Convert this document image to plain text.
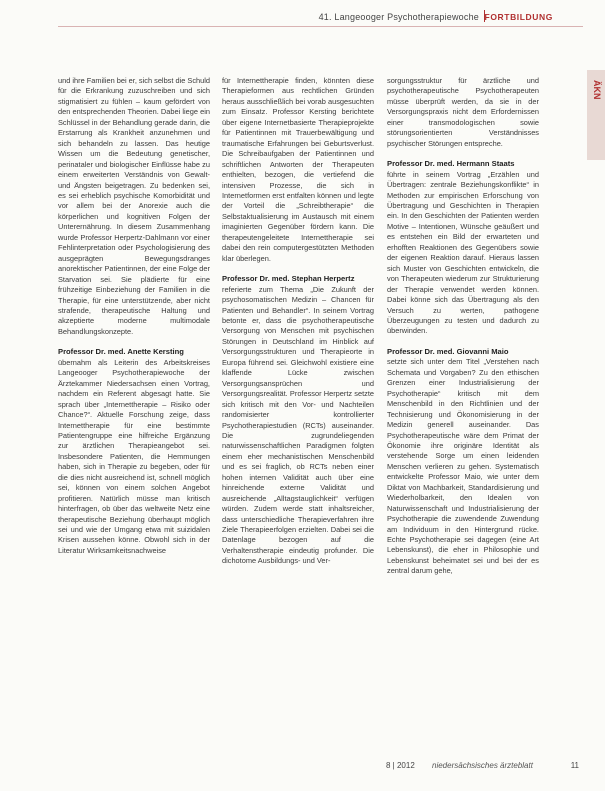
41. Langeooger Psychotherapiewoche FORTBILDUNG
ÄKN

und ihre Familien bei er, sich selbst die Schuld für die Erkrankung zuzuschreiben und sich stigmatisiert zu fühlen – kaum gefördert von den entsprechenden Theorien. Dabei liege ein Schlüssel in der Behandlung gerade darin, die Erstarrung als Krankheit anzunehmen und sich behandeln zu lassen. Das heutige Wissen um die Bedeutung genetischer, perinataler und biologischer Einflüsse habe zu einem erweiterten Verständnis von Gewalt- und Ängsten beigetragen. Zu bedenken sei, es sei erheblich psychische Komorbidität und vor allem bei der Anorexie auch die körperlichen und kognitiven Folgen der Unterernährung. In diesem Zusammenhang wurde Professor Herpertz-Dahlmann vor einer Fehlinterpretation oder Psychologisierung des ausgeprägten Bewegungsdranges anorektischer Patientinnen, der eine Folge der Starvation sei. Sie plädierte für eine frühzeitige Einbeziehung der Familien in die Therapie, für eine unterstützende, aber nicht strafende, therapeutische Haltung und akzeptierte moderne multimodale Behandlungskonzepte.

Professor Dr. med. Anette Kersting

übernahm als Leiterin des Arbeitskreises Langeooger Psychotherapiewoche der Ärztekammer Niedersachsen einen Vortrag, nachdem ein Referent abgesagt hatte. Sie sprach über „Internettherapie – Risiko oder Chance?“. Aktuelle Forschung zeige, dass Internettherapie für eine bestimmte Patientengruppe eine hilfreiche Ergänzung zur ärztlichen Therapieangebot sei. Insbesondere Patienten, die Hemmungen haben, sich in Therapie zu begeben, oder für die dies nicht ausreichend ist, schnell möglich sei, können von einem solchen Angebot profitieren. Natürlich müsse man kritisch hinterfragen, ob über das weltweite Netz eine therapeutische Beziehung überhaupt möglich sei und wie der Umgang etwa mit suizidalen Krisen aussehen könne. Obwohl sich in der Literatur Wirksamkeitsnachweise

für Internettherapie finden, könnten diese Therapieformen aus rechtlichen Gründen heraus ausschließlich bei vorab ausgesuchten zum Einsatz. Professor Kersting berichtete über eigene Internetbasierte Therapieprojekte für Patientinnen mit Trauerbewältigung und traumatische Erfahrungen bei Geburtsverlust. Die Schreibaufgaben der Patientinnen und schriftlichen Antworten der Therapeuten enthielten, bezogen, die vertiefend die intensiven Prozesse, die sich in Internetformen erst entfalten können und legte der Vorteil die „Schreibtherapie“ die Selbstaktualisierung im Austausch mit einem imaginierten Gegenüber fördern kann. Die therapeutengeleitete Internettherapie sei dabei den rein computergestützten Methoden klar überlegen.

Professor Dr. med. Stephan Herpertz

referierte zum Thema „Die Zukunft der psychosomatischen Medizin – Chancen für Patienten und Behandler“. In seinem Vortrag betonte er, dass die psychotherapeutische Versorgung von Menschen mit psychischen Störungen in Deutschland im Hinblick auf Versorgungsstrukturen und Therapieorte in Europa führend sei. Gleichwohl existiere eine klaffende Lücke zwischen Versorgungsansprüchen und Versorgungsrealität. Professor Herpertz setzte sich kritisch mit den Vor- und Nachteilen randomisierter kontrollierter Psychotherapiestudien (RCTs) auseinander. Die zugrundeliegenden naturwissenschaftlichen Paradigmen folgten einem eher mechanistischen Menschenbild und es sei fraglich, ob RCTs neben einer hohen internen Validität auch über eine hinreichende externe Validität und ausreichende „Alltagstauglichkeit“ verfügen würden. Zudem werde statt inhaltsreicher, dass unterschiedliche Therapieverfahren ihre Ziele Therapieerfolgen erzielten. Dabei sei die Datenlage bezogen auf die Verhaltenstherapie eindeutig profunder. Die dichotome Ausbildungs- und Ver-

sorgungsstruktur für ärztliche und psychotherapeutische Psychotherapeuten müsse überprüft werden, da sie in der Versorgungspraxis nicht dem Erfordernissen einer transmodologischen sowie störungsorientierten Verständnisses psychischer Störungen entspreche.

Professor Dr. med. Hermann Staats

führte in seinem Vortrag „Erzählen und Übertragen: zentrale Beziehungskonflikte“ in Methoden zur empirischen Erforschung von Übertragung und Geschichten in Therapien ein. In den Geschichten der Patienten werden Motive – Intentionen, Wünsche geäußert und es entstehen ein Bild der erwarteten und erhofften Reaktionen des Gegenübers sowie der eigenen Reaktion darauf. Hieraus lassen sich Muster von Geschichten entwickeln, die von Therapeuten wiederum zur Strukturierung der Therapie verwendet werden können. Dabei könne sich das Übertragung als den Versuch zu werten, pathogene Überzeugungen zu testen und dadurch zu überwinden.

Professor Dr. med. Giovanni Maio

setzte sich unter dem Titel „Verstehen nach Schemata und Vorgaben? Zu den ethischen Grenzen einer Industrialisierung der Psychotherapie“ kritisch mit dem Menschenbild in den Richtlinien und der Technisierung und Ökonomisierung in der Medizin generell auseinander. Das Psychotherapeutische wäre dem Primat der Ökonomie ihre originäre Identität als verstehende Sorge um einen leidenden Menschen verlieren zu gehen. Systematisch entwickelte Professor Maio, wie unter dem Diktat von Machbarkeit, Standardisierung und Wiederholbarkeit, den Idealen von Naturwissenschaft und Industrialisierung der Psychotherapie die zuwendende Zuwendung am Individuum in den Hintergrund rücke. Echte Psychotherapie sei dagegen (eine Art Lebenskunst), die eher in Philosophie und Lebenskunst beheimatet sei und bei der es zentral darum gehe,

8 | 2012 niedersächsisches ärzteblatt	11
